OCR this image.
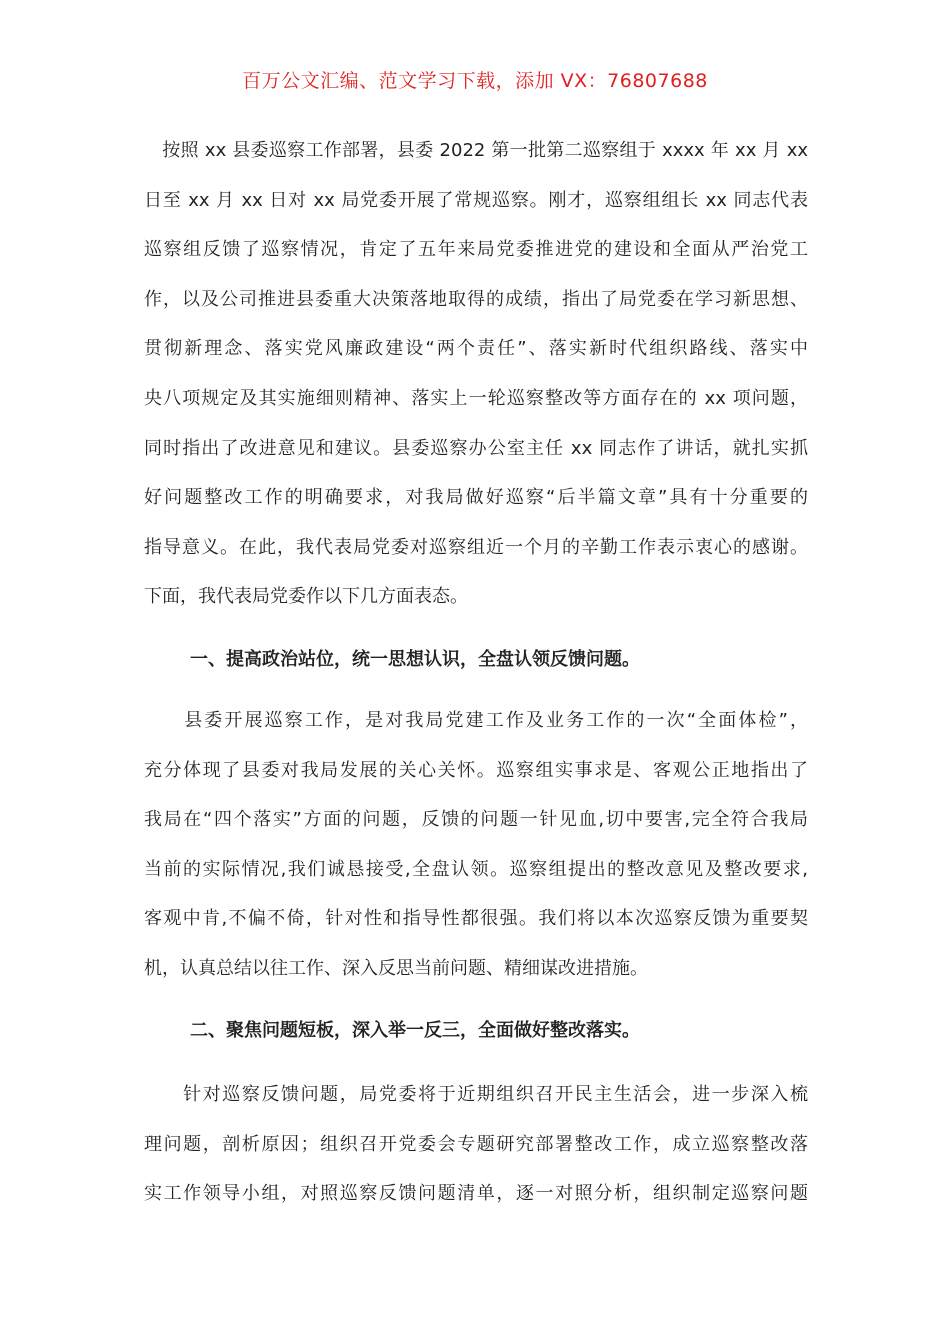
百万公文汇编、范文学习下载，添加 VX：76807688
　按照 xx 县委巡察工作部署，县委 2022 第一批第二巡察组于 xxxx 年 xx 月 xx
日至 xx 月 xx 日对 xx 局党委开展了常规巡察。刚才，巡察组组长 xx 同志代表
巡察组反馈了巡察情况，肯定了五年来局党委推进党的建设和全面从严治党工
作，以及公司推进县委重大决策落地取得的成绩，指出了局党委在学习新思想、
贯彻新理念、落实党风廉政建设“两个责任”、落实新时代组织路线、落实中
央八项规定及其实施细则精神、落实上一轮巡察整改等方面存在的 xx 项问题，
同时指出了改进意见和建议。县委巡察办公室主任 xx 同志作了讲话，就扎实抓
好问题整改工作的明确要求，对我局做好巡察“后半篇文章”具有十分重要的
指导意义。在此，我代表局党委对巡察组近一个月的辛勤工作表示衷心的感谢。
下面，我代表局党委作以下几方面表态。
一、提高政治站位，统一思想认识，全盘认领反馈问题。
　　县委开展巡察工作，是对我局党建工作及业务工作的一次“全面体检”，
充分体现了县委对我局发展的关心关怀。巡察组实事求是、客观公正地指出了
我局在“四个落实”方面的问题，反馈的问题一针见血,切中要害,完全符合我局
当前的实际情况,我们诚恳接受,全盘认领。巡察组提出的整改意见及整改要求,
客观中肯,不偏不倚，针对性和指导性都很强。我们将以本次巡察反馈为重要契
机，认真总结以往工作、深入反思当前问题、精细谋改进措施。
二、聚焦问题短板，深入举一反三，全面做好整改落实。
　　针对巡察反馈问题，局党委将于近期组织召开民主生活会，进一步深入梳
理问题，剖析原因；组织召开党委会专题研究部署整改工作，成立巡察整改落
实工作领导小组，对照巡察反馈问题清单，逐一对照分析，组织制定巡察问题
